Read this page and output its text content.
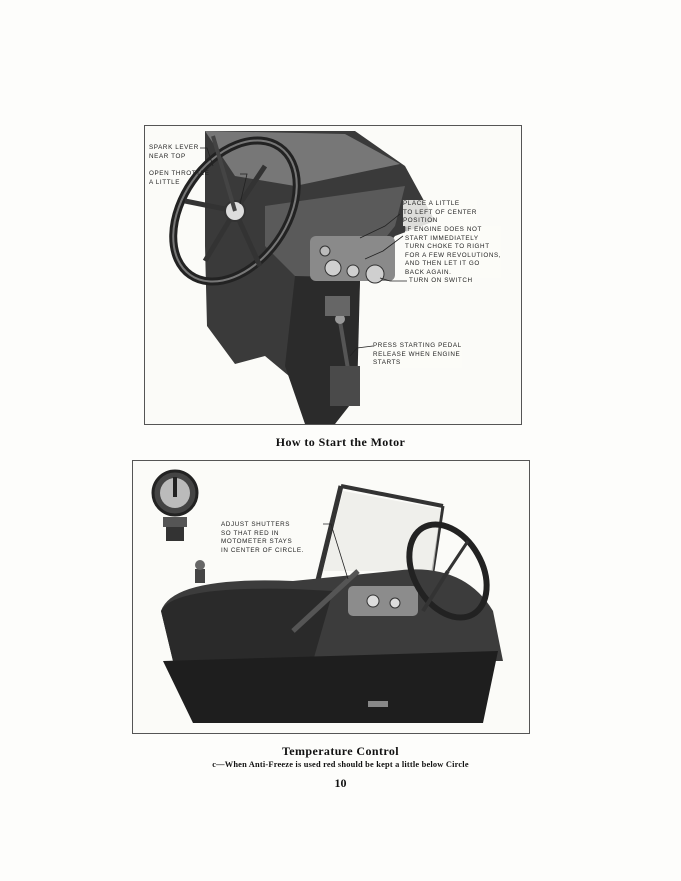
SPARK LEVER
NEAR TOP
OPEN THROTTLE
A LITTLE
PLACE A LITTLE
TO LEFT OF CENTER
POSITION
IF ENGINE DOES NOT
START IMMEDIATELY
TURN CHOKE TO RIGHT
FOR A FEW REVOLUTIONS,
AND THEN LET IT GO
BACK AGAIN.
TURN ON SWITCH
PRESS STARTING PEDAL
RELEASE WHEN ENGINE
STARTS
How to Start the Motor
ADJUST SHUTTERS
SO THAT RED IN
MOTOMETER STAYS
IN CENTER OF CIRCLE.
Temperature Control
c—When Anti-Freeze is used red should be kept a little below Circle
10
